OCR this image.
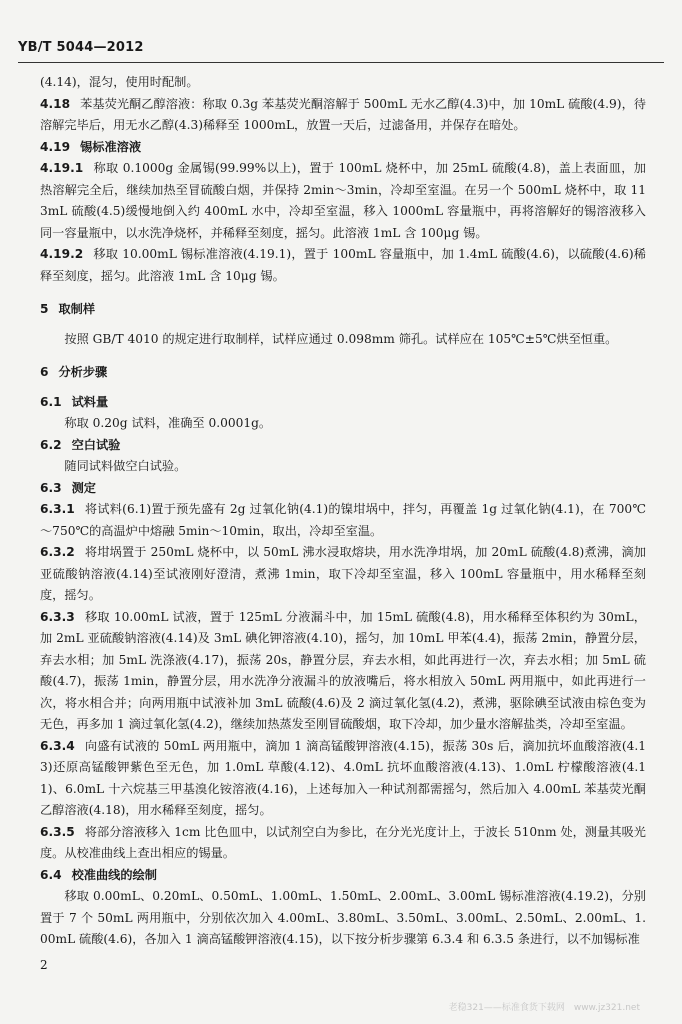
YB/T 5044—2012

(4.14)，混匀，使用时配制。

4.18 苯基荧光酮乙醇溶液：称取 0.3g 苯基荧光酮溶解于 500mL 无水乙醇(4.3)中，加 10mL 硫酸(4.9)，待溶解完毕后，用无水乙醇(4.3)稀释至 1000mL，放置一天后，过滤备用，并保存在暗处。

4.19 锡标准溶液

4.19.1 称取 0.1000g 金属锡(99.99%以上)，置于 100mL 烧杯中，加 25mL 硫酸(4.8)，盖上表面皿，加热溶解完全后，继续加热至冒硫酸白烟，并保持 2min～3min，冷却至室温。在另一个 500mL 烧杯中，取 113mL 硫酸(4.5)缓慢地倒入约 400mL 水中，冷却至室温，移入 1000mL 容量瓶中，再将溶解好的锡溶液移入同一容量瓶中，以水洗净烧杯，并稀释至刻度，摇匀。此溶液 1mL 含 100μg 锡。

4.19.2 移取 10.00mL 锡标准溶液(4.19.1)，置于 100mL 容量瓶中，加 1.4mL 硫酸(4.6)，以硫酸(4.6)稀释至刻度，摇匀。此溶液 1mL 含 10μg 锡。

5 取制样

按照 GB/T 4010 的规定进行取制样，试样应通过 0.098mm 筛孔。试样应在 105℃±5℃烘至恒重。

6 分析步骤

6.1 试料量

称取 0.20g 试料，准确至 0.0001g。

6.2 空白试验

随同试料做空白试验。

6.3 测定

6.3.1 将试料(6.1)置于预先盛有 2g 过氧化钠(4.1)的镍坩埚中，拌匀，再覆盖 1g 过氧化钠(4.1)，在 700℃～750℃的高温炉中熔融 5min～10min，取出，冷却至室温。

6.3.2 将坩埚置于 250mL 烧杯中，以 50mL 沸水浸取熔块，用水洗净坩埚，加 20mL 硫酸(4.8)煮沸，滴加亚硫酸钠溶液(4.14)至试液刚好澄清，煮沸 1min，取下冷却至室温，移入 100mL 容量瓶中，用水稀释至刻度，摇匀。

6.3.3 移取 10.00mL 试液，置于 125mL 分液漏斗中，加 15mL 硫酸(4.8)，用水稀释至体积约为 30mL，加 2mL 亚硫酸钠溶液(4.14)及 3mL 碘化钾溶液(4.10)，摇匀，加 10mL 甲苯(4.4)，振荡 2min，静置分层，弃去水相；加 5mL 洗涤液(4.17)，振荡 20s，静置分层，弃去水相，如此再进行一次，弃去水相；加 5mL 硫酸(4.7)，振荡 1min，静置分层，用水洗净分液漏斗的放液嘴后，将水相放入 50mL 两用瓶中，如此再进行一次，将水相合并；向两用瓶中试液补加 3mL 硫酸(4.6)及 2 滴过氧化氢(4.2)，煮沸，驱除碘至试液由棕色变为无色，再多加 1 滴过氧化氢(4.2)，继续加热蒸发至刚冒硫酸烟，取下冷却，加少量水溶解盐类，冷却至室温。

6.3.4 向盛有试液的 50mL 两用瓶中，滴加 1 滴高锰酸钾溶液(4.15)，振荡 30s 后，滴加抗坏血酸溶液(4.13)还原高锰酸钾紫色至无色，加 1.0mL 草酸(4.12)、4.0mL 抗坏血酸溶液(4.13)、1.0mL 柠檬酸溶液(4.11)、6.0mL 十六烷基三甲基溴化铵溶液(4.16)，上述每加入一种试剂都需摇匀，然后加入 4.00mL 苯基荧光酮乙醇溶液(4.18)，用水稀释至刻度，摇匀。

6.3.5 将部分溶液移入 1cm 比色皿中，以试剂空白为参比，在分光光度计上，于波长 510nm 处，测量其吸光度。从校准曲线上查出相应的锡量。

6.4 校准曲线的绘制

移取 0.00mL、0.20mL、0.50mL、1.00mL、1.50mL、2.00mL、3.00mL 锡标准溶液(4.19.2)，分别置于 7 个 50mL 两用瓶中，分别依次加入 4.00mL、3.80mL、3.50mL、3.00mL、2.50mL、2.00mL、1.00mL 硫酸(4.6)，各加入 1 滴高锰酸钾溶液(4.15)，以下按分析步骤第 6.3.4 和 6.3.5 条进行，以不加锡标准

2
老稳321——标准食货下载网　www.jz321.net
